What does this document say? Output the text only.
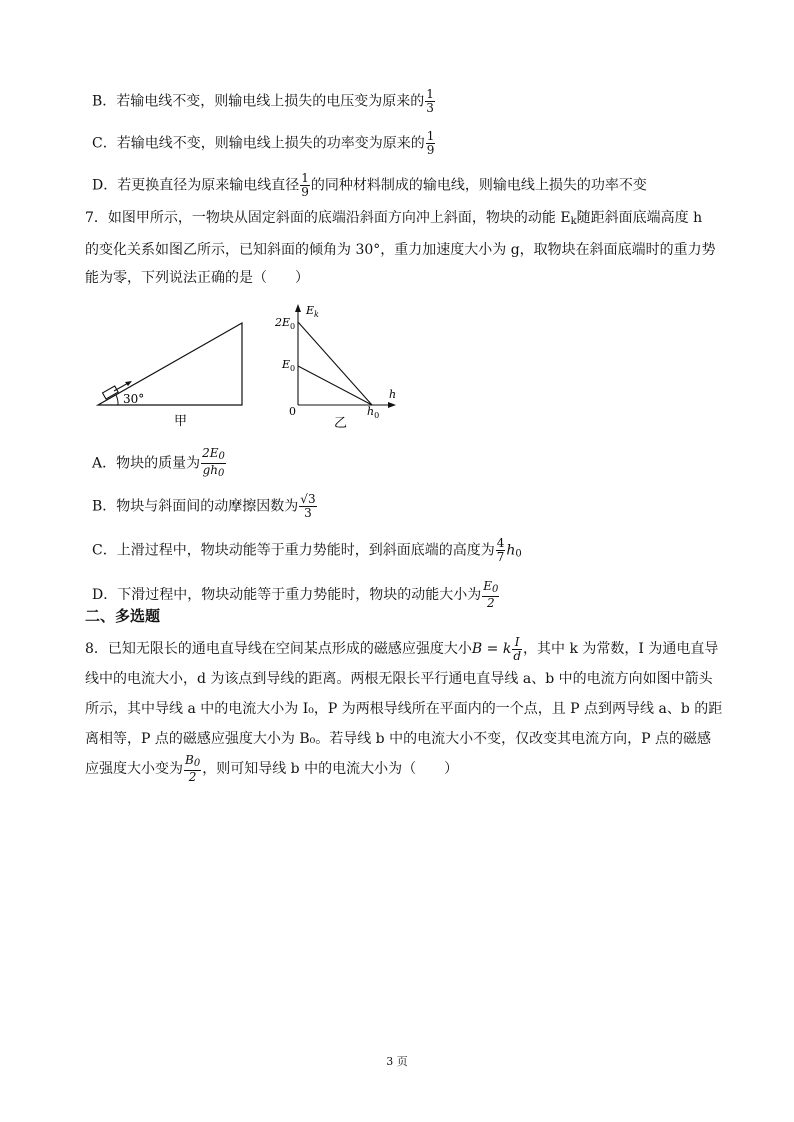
B．若输电线不变，则输电线上损失的电压变为原来的 $\frac{1}{3}$
C．若输电线不变，则输电线上损失的功率变为原来的 $\frac{1}{9}$
D．若更换直径为原来输电线直径 $\frac{1}{9}$ 的同种材料制成的输电线，则输电线上损失的功率不变
7．如图甲所示，一物块从固定斜面的底端沿斜面方向冲上斜面，物块的动能 $E_k$随距斜面底端高度 h
的变化关系如图乙所示，已知斜面的倾角为 30°，重力加速度大小为 g，取物块在斜面底端时的重力势
能为零，下列说法正确的是（　　）
30°
甲
$E_k$
$2E_0$
$E_0$
0	$h_0$
h
乙
A．物块的质量为 $\frac{2E_0}{gh_0}$
B．物块与斜面间的动摩擦因数为 $\frac{√3}{3}$
C．上滑过程中，物块动能等于重力势能时，到斜面底端的高度为 $\frac{4}{7} h_0$
D．下滑过程中，物块动能等于重力势能时，物块的动能大小为 $\frac{E_0}{2}$
二、多选题
8．已知无限长的通电直导线在空间某点形成的磁感应强度大小B = k $\frac{I}{d}$ ，其中 k 为常数，I 为通电直导
线中的电流大小，d 为该点到导线的距离。两根无限长平行通电直导线 a、b 中的电流方向如图中箭头
所示，其中导线 a 中的电流大小为 I₀，P 为两根导线所在平面内的一个点，且 P 点到两导线 a、b 的距
离相等，P 点的磁感应强度大小为 B₀。若导线 b 中的电流大小不变，仅改变其电流方向，P 点的磁感
应强度大小变为 $\frac{B_0}{2}$ ，则可知导线 b 中的电流大小为（　　）
3 页
